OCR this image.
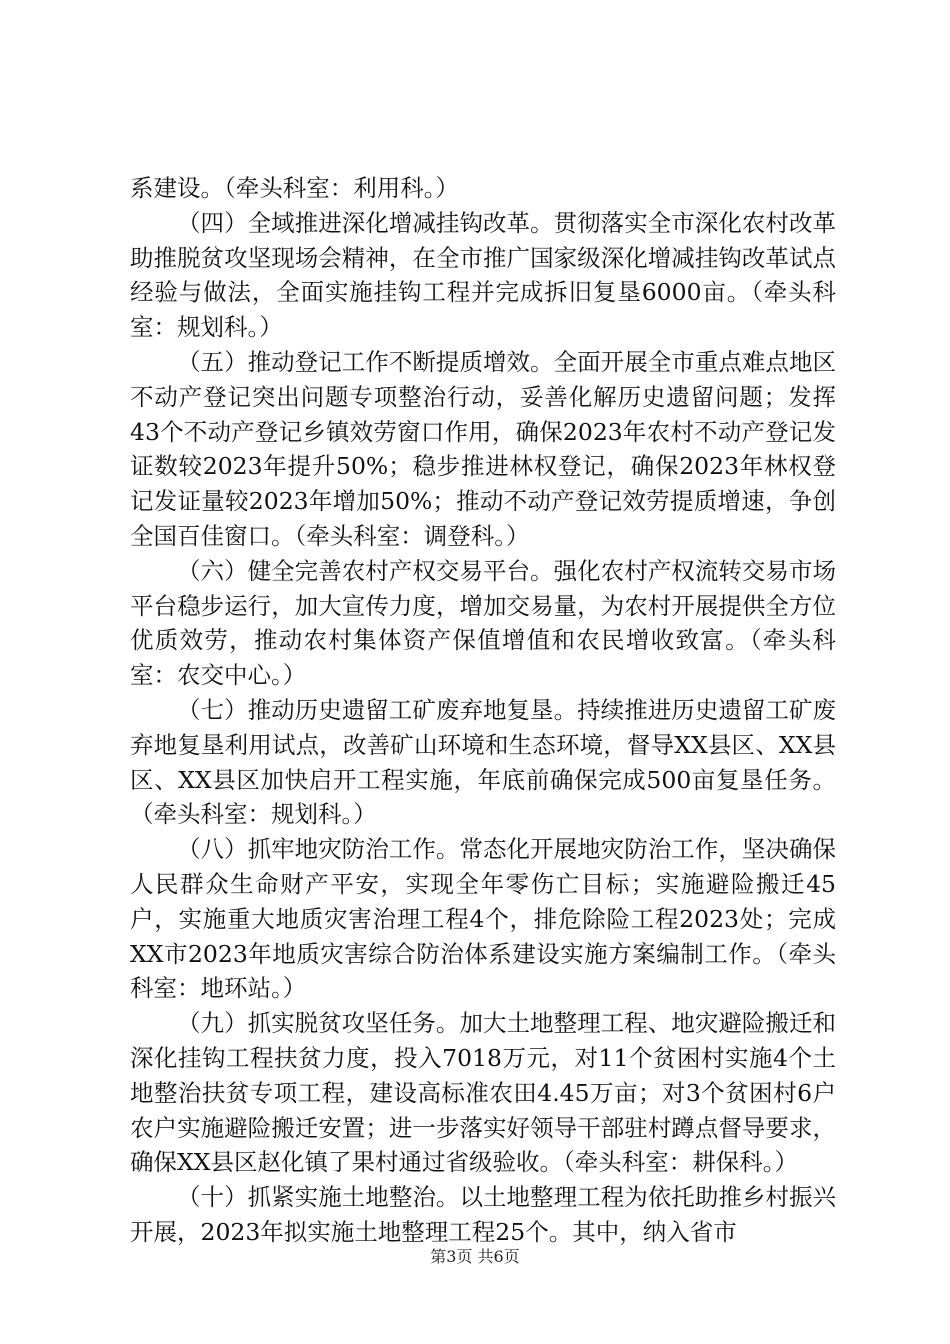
系建设。（牵头科室：利用科。）

（四）全域推进深化增减挂钩改革。贯彻落实全市深化农村改革助推脱贫攻坚现场会精神，在全市推广国家级深化增减挂钩改革试点经验与做法，全面实施挂钩工程并完成拆旧复垦6000亩。（牵头科室：规划科。）

（五）推动登记工作不断提质增效。全面开展全市重点难点地区不动产登记突出问题专项整治行动，妥善化解历史遗留问题；发挥43个不动产登记乡镇效劳窗口作用，确保2023年农村不动产登记发证数较2023年提升50%；稳步推进林权登记，确保2023年林权登记发证量较2023年增加50%；推动不动产登记效劳提质增速，争创全国百佳窗口。（牵头科室：调登科。）

（六）健全完善农村产权交易平台。强化农村产权流转交易市场平台稳步运行，加大宣传力度，增加交易量，为农村开展提供全方位优质效劳，推动农村集体资产保值增值和农民增收致富。（牵头科室：农交中心。）

（七）推动历史遗留工矿废弃地复垦。持续推进历史遗留工矿废弃地复垦利用试点，改善矿山环境和生态环境，督导XX县区、XX县区、XX县区加快启开工程实施，年底前确保完成500亩复垦任务。（牵头科室：规划科。）

（八）抓牢地灾防治工作。常态化开展地灾防治工作，坚决确保人民群众生命财产平安，实现全年零伤亡目标；实施避险搬迁45户，实施重大地质灾害治理工程4个，排危除险工程2023处；完成XX市2023年地质灾害综合防治体系建设实施方案编制工作。（牵头科室：地环站。）

（九）抓实脱贫攻坚任务。加大土地整理工程、地灾避险搬迁和深化挂钩工程扶贫力度，投入7018万元，对11个贫困村实施4个土地整治扶贫专项工程，建设高标准农田4.45万亩；对3个贫困村6户农户实施避险搬迁安置；进一步落实好领导干部驻村蹲点督导要求，确保XX县区赵化镇了果村通过省级验收。（牵头科室：耕保科。）

（十）抓紧实施土地整治。以土地整理工程为依托助推乡村振兴开展，2023年拟实施土地整理工程25个。其中，纳入省市

第3页 共6页
